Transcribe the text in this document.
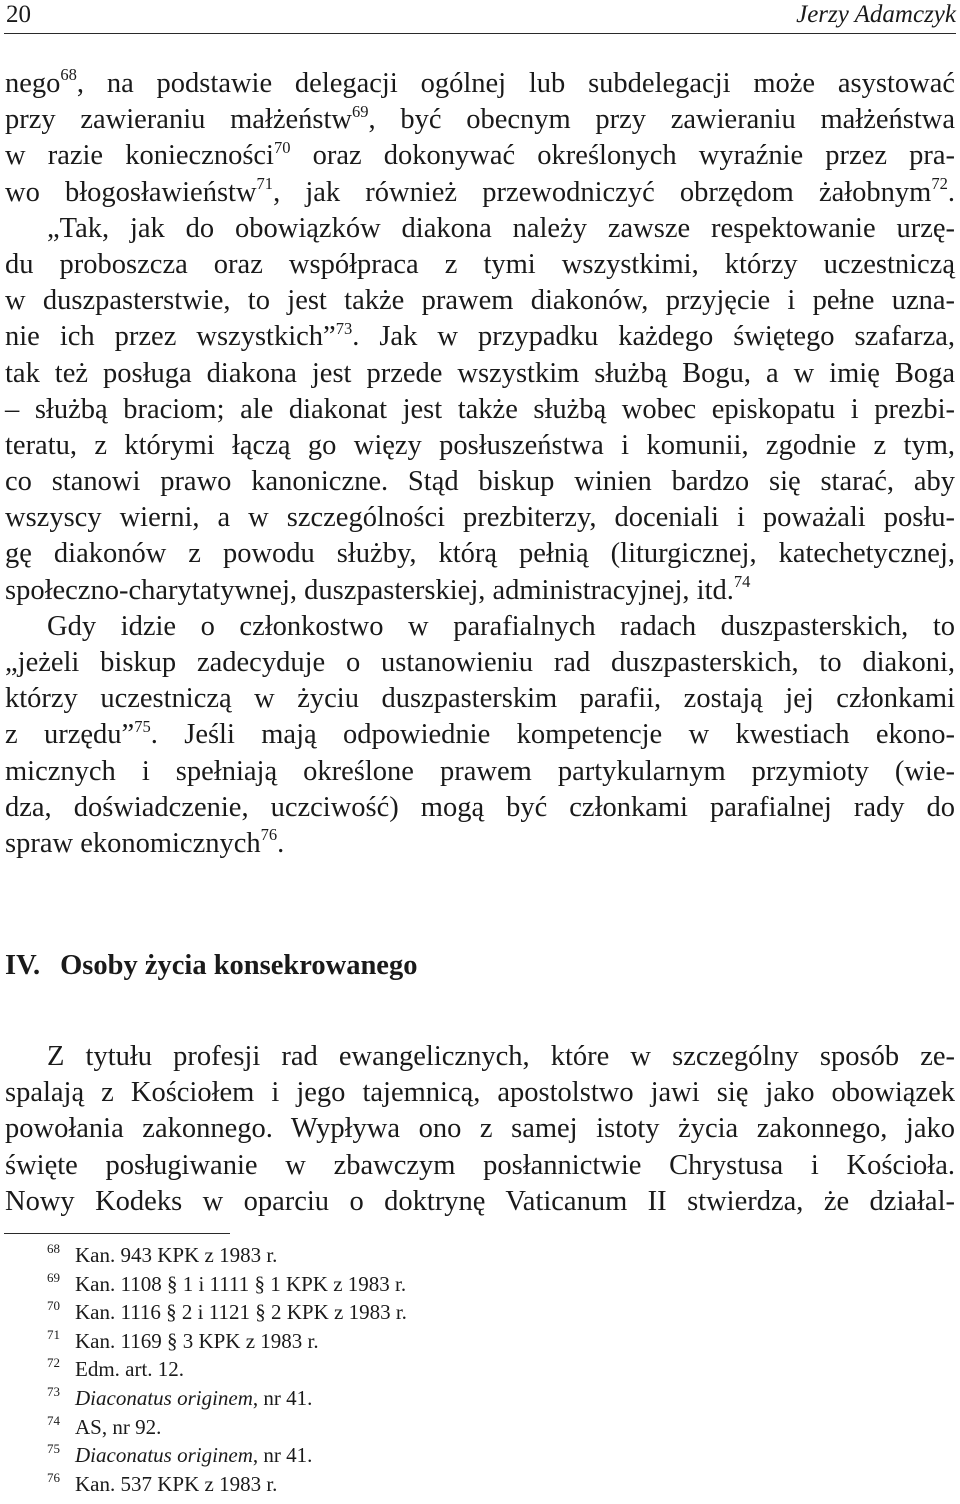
20	Jerzy Adamczyk
nego$^{68}$, na podstawie delegacji ogólnej lub subdelegacji może asystować
przy zawieraniu małżeństw$^{69}$, być obecnym przy zawieraniu małżeństwa
w razie konieczności$^{70}$ oraz dokonywać określonych wyraźnie przez pra-
wo błogosławieństw$^{71}$, jak również przewodniczyć obrzędom żałobnym$^{72}$.
„Tak, jak do obowiązków diakona należy zawsze respektowanie urzę-
du proboszcza oraz współpraca z tymi wszystkimi, którzy uczestniczą
w duszpasterstwie, to jest także prawem diakonów, przyjęcie i pełne uzna-
nie ich przez wszystkich”$^{73}$. Jak w przypadku każdego świętego szafarza,
tak też posługa diakona jest przede wszystkim służbą Bogu, a w imię Boga
– służbą braciom; ale diakonat jest także służbą wobec episkopatu i prezbi-
teratu, z którymi łączą go więzy posłuszeństwa i komunii, zgodnie z tym,
co stanowi prawo kanoniczne. Stąd biskup winien bardzo się starać, aby
wszyscy wierni, a w szczególności prezbiterzy, doceniali i poważali posłu-
gę diakonów z powodu służby, którą pełnią (liturgicznej, katechetycznej,
społeczno-charytatywnej, duszpasterskiej, administracyjnej, itd.$^{74}$
Gdy idzie o członkostwo w parafialnych radach duszpasterskich, to
„jeżeli biskup zadecyduje o ustanowieniu rad duszpasterskich, to diakoni,
którzy uczestniczą w życiu duszpasterskim parafii, zostają jej członkami
z urzędu”$^{75}$. Jeśli mają odpowiednie kompetencje w kwestiach ekono-
micznych i spełniają określone prawem partykularnym przymioty (wie-
dza, doświadczenie, uczciwość) mogą być członkami parafialnej rady do
spraw ekonomicznych$^{76}$.
IV. Osoby życia konsekrowanego
Z tytułu profesji rad ewangelicznych, które w szczególny sposób ze-
spalają z Kościołem i jego tajemnicą, apostolstwo jawi się jako obowiązek
powołania zakonnego. Wypływa ono z samej istoty życia zakonnego, jako
święte posługiwanie w zbawczym posłannictwie Chrystusa i Kościoła.
Nowy Kodeks w oparciu o doktrynę Vaticanum II stwierdza, że działal-
68 Kan. 943 KPK z 1983 r.
69 Kan. 1108 § 1 i 1111 § 1 KPK z 1983 r.
70 Kan. 1116 § 2 i 1121 § 2 KPK z 1983 r.
71 Kan. 1169 § 3 KPK z 1983 r.
72 Edm. art. 12.
73 Diaconatus originem, nr 41.
74 AS, nr 92.
75 Diaconatus originem, nr 41.
76 Kan. 537 KPK z 1983 r.
